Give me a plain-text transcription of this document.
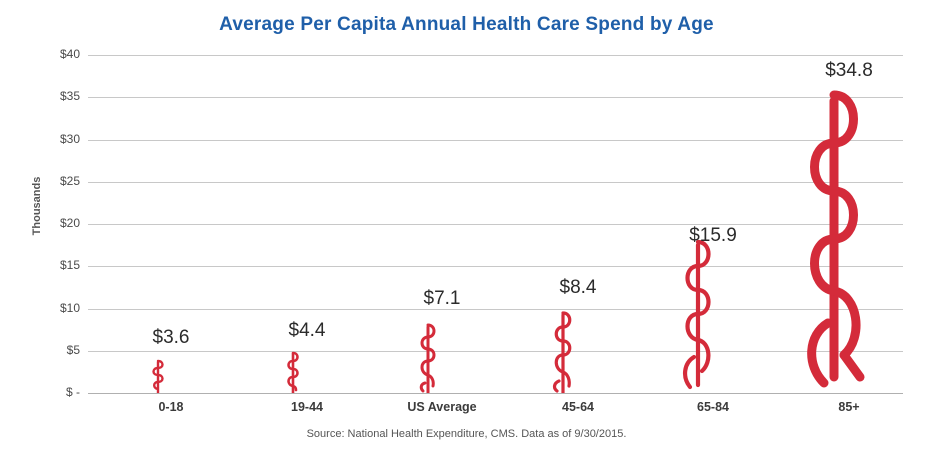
Average Per Capita Annual Health Care Spend by Age
Thousands
$ -
$5
$10
$15
$20
$25
$30
$35
$40
$3.6	$4.4
$7.1
$8.4
$15.9
$34.8
0-18	19-44	US Average	45-64	65-84	85+
Source: National Health Expenditure, CMS. Data as of 9/30/2015.
